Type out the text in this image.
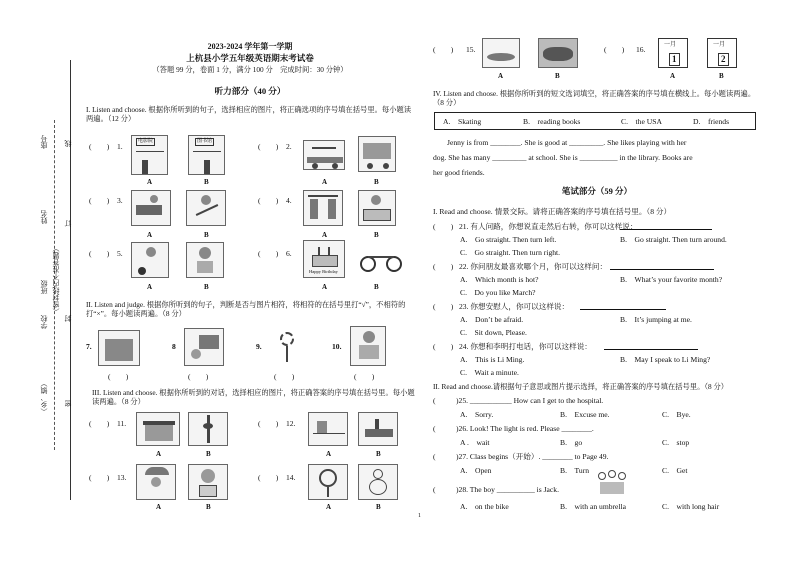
座号
姓名
班级 （密封线内不准答题）
学校
（乡、镇）
线
订
封
密
2023-2024 学年第一学期
上杭县小学五年级英语期末考试卷
（答题 99 分，卷面 1 分，满分 100 分　完成时间：30 分钟）
听力部分（40 分）
I. Listen and choose. 根据你所听到的句子，选择相应的图片，将正确选项的序号填在括号里。每小题读两遍。（12 分）
(　　) 1.
电影院	图书馆
A	B
(　　) 2.
A	B
(　　) 3.
A	B
(　　) 4.
A	B
(　　) 5.
A	B
(　　) 6.
Happy Birthday
A	B
II. Listen and judge. 根据你所听到的句子，判断是否与图片相符，将相符的在括号里打“√”，不相符的打“×”。每小题读两遍。（8 分）
7.
(　　)
8
(　　)
9.
(　　)
10.
(　　)
III. Listen and choose. 根据你所听到的对话，选择相应的图片，将正确答案的序号填在括号里。每小题读两遍。（8 分）
(　　) 11.
A	B
(　　) 12.
A	B
(　　) 13.
A	B
(　　) 14.
A	B
(　　) 15.
A	B
(　　) 16.	一月
1
一月
2
A	B
IV. Listen and choose. 根据你所听到的短文选词填空，将正确答案的序号填在横线上。每小题读两遍。（8 分）
A.　Skating	B.　reading books	C.　the USA	D.　friends
Jenny is from ________. She is good at _________. She likes playing with her
dog. She has many _________ at school. She is __________ in the library. Books are
her good friends.
笔试部分（59 分）
I. Read and choose. 情景交际。请将正确答案的序号填在括号里。（8 分）
(　　) 21. 有人问路，你想说直走然后右转，你可以这样说：
A.　Go straight. Then turn left.	B.　Go straight. Then turn around.
C.　Go straight. Then turn right.
(　　) 22. 你问朋友最喜欢哪个月，你可以这样问：
A.　Which month is hot?	B.　What’s your favorite month?
C.　Do you like March?
(　　) 23. 你想安慰人，你可以这样说：
A.　Don’t be afraid.	B.　It’s jumping at me.
C.　Sit down, Please.
(　　) 24. 你想和李明打电话，你可以这样说：
A.　This is Li Ming.	B.　May I speak to Li Ming?
C.　Wait a minute.
II. Read and choose.请根据句子意思或图片提示选择，将正确答案的序号填在括号里。（8 分）
(	)25. ___________ How can I get to the hospital.
A.　Sorry.	B.　Excuse me.	C.　Bye.
(	)26. Look! The light is red. Please ________.
A .　wait	B.　go	C.　stop
(	)27. Class begins（开始）. ________ to Page 49.
A.　Open	B.　Turn	C.　Get
(	)28. The boy __________ is Jack.
A.　on the bike	B.　with an umbrella	C.　with long hair
1
